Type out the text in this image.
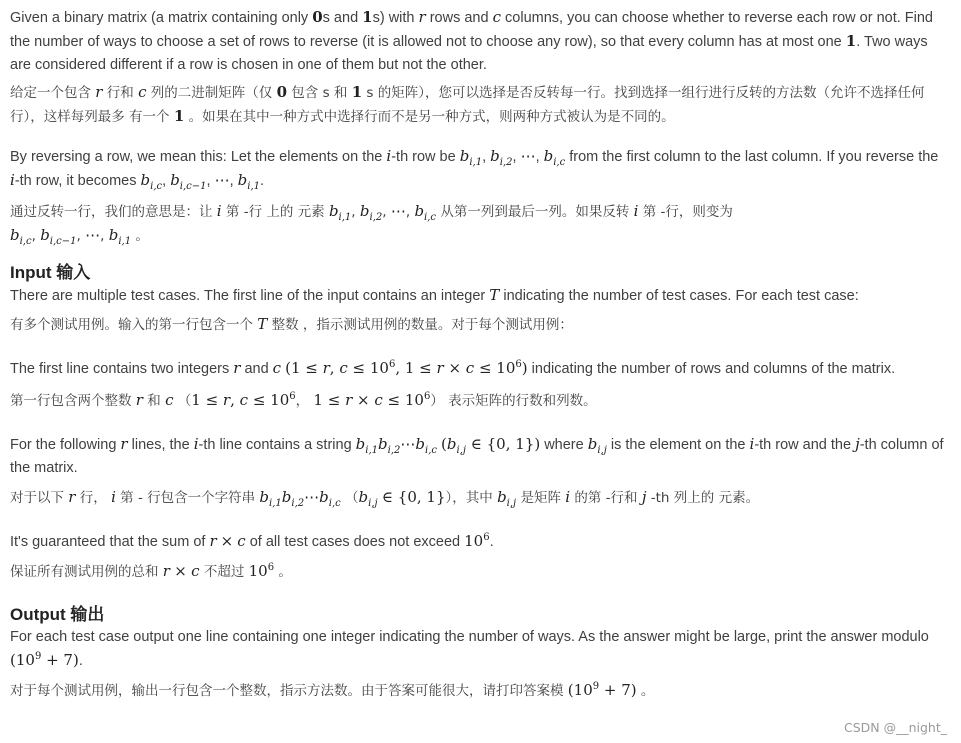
Given a binary matrix (a matrix containing only 0s and 1s) with r rows and c columns, you can choose whether to reverse each row or not. Find the number of ways to choose a set of rows to reverse (it is allowed not to choose any row), so that every column has at most one 1. Two ways are considered different if a row is chosen in one of them but not the other.

给定一个包含 r 行和 c 列的二进制矩阵（仅 0 包含 s 和 1 s 的矩阵），您可以选择是否反转每一行。找到选择一组行进行反转的方法数（允许不选择任何行），这样每列最多 有一个 1 。如果在其中一种方式中选择行而不是另一种方式，则两种方式被认为是不同的。

By reversing a row, we mean this: Let the elements on the i-th row be $b_{i,1}$, $b_{i,2}$, ⋯, $b_{i,c}$ from the first column to the last column. If you reverse the i-th row, it becomes $b_{i,c}$, $b_{i,c-1}$, ⋯, $b_{i,1}$.

通过反转一行，我们的意思是：让 i 第 -行 上的 元素 $b_{i,1}$, $b_{i,2}$, ⋯, $b_{i,c}$ 从第一列到最后一列。如果反转 i 第 -行，则变为
$b_{i,c}$, $b_{i,c-1}$, ⋯, $b_{i,1}$ 。

Input 输入

There are multiple test cases. The first line of the input contains an integer T indicating the number of test cases. For each test case:

有多个测试用例。输入的第一行包含一个 T 整数 ，指示测试用例的数量。对于每个测试用例：

The first line contains two integers r and c (1 ≤ r, $c \le 10^6$, $1 \le r \times c \le 10^6$) indicating the number of rows and columns of the matrix.

第一行包含两个整数 r 和 c （1 ≤ r, $c \le 10^6$， $1 \le r \times c \le 10^6$） 表示矩阵的行数和列数。

For the following r lines, the i-th line contains a string $b_{i,1}b_{i,2}\cdots b_{i,c}$ ($b_{i,j}$ ∈ {0, 1}) where $b_{i,j}$ is the element on the i-th row and the j-th column of the matrix.

对于以下 r 行， i 第 - 行包含一个字符串 $b_{i,1}b_{i,2}\cdots b_{i,c}$ （$b_{i,j}$ ∈ {0, 1}），其中 $b_{i,j}$ 是矩阵 i 的第 -行和 j -th 列上的 元素。

It's guaranteed that the sum of r × c of all test cases does not exceed $10^6$.

保证所有测试用例的总和 r × c 不超过 $10^6$ 。

Output 输出

For each test case output one line containing one integer indicating the number of ways. As the answer might be large, print the answer modulo $(10^9 + 7)$.

对于每个测试用例，输出一行包含一个整数，指示方法数。由于答案可能很大，请打印答案模 $(10^9 + 7)$ 。

CSDN @__night_
